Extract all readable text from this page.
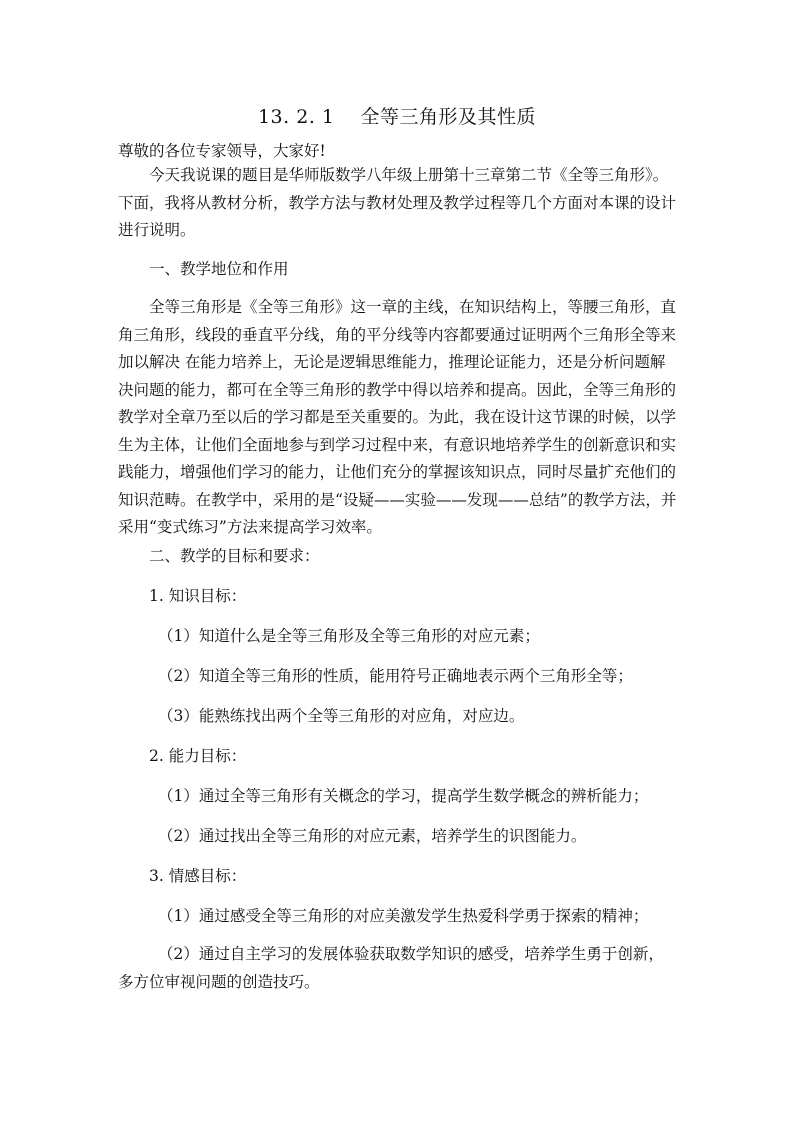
13. 2. 1　 全等三角形及其性质

尊敬的各位专家领导，大家好!

今天我说课的题目是华师版数学八年级上册第十三章第二节《全等三角形》。下面，我将从教材分析，教学方法与教材处理及教学过程等几个方面对本课的设计进行说明。

一、教学地位和作用

全等三角形是《全等三角形》这一章的主线，在知识结构上，等腰三角形，直角三角形，线段的垂直平分线，角的平分线等内容都要通过证明两个三角形全等来加以解决 在能力培养上，无论是逻辑思维能力，推理论证能力，还是分析问题解决问题的能力，都可在全等三角形的教学中得以培养和提高。因此，全等三角形的教学对全章乃至以后的学习都是至关重要的。为此，我在设计这节课的时候，以学生为主体，让他们全面地参与到学习过程中来，有意识地培养学生的创新意识和实践能力，增强他们学习的能力，让他们充分的掌握该知识点，同时尽量扩充他们的知识范畴。在教学中，采用的是“设疑——实验——发现——总结”的教学方法，并采用“变式练习”方法来提高学习效率。

二、教学的目标和要求：
1. 知识目标：
（1）知道什么是全等三角形及全等三角形的对应元素；
（2）知道全等三角形的性质，能用符号正确地表示两个三角形全等；
（3）能熟练找出两个全等三角形的对应角，对应边。
2. 能力目标：
（1）通过全等三角形有关概念的学习，提高学生数学概念的辨析能力；
（2）通过找出全等三角形的对应元素，培养学生的识图能力。
3. 情感目标：
（1）通过感受全等三角形的对应美激发学生热爱科学勇于探索的精神；

（2）通过自主学习的发展体验获取数学知识的感受，培养学生勇于创新，多方位审视问题的创造技巧。
